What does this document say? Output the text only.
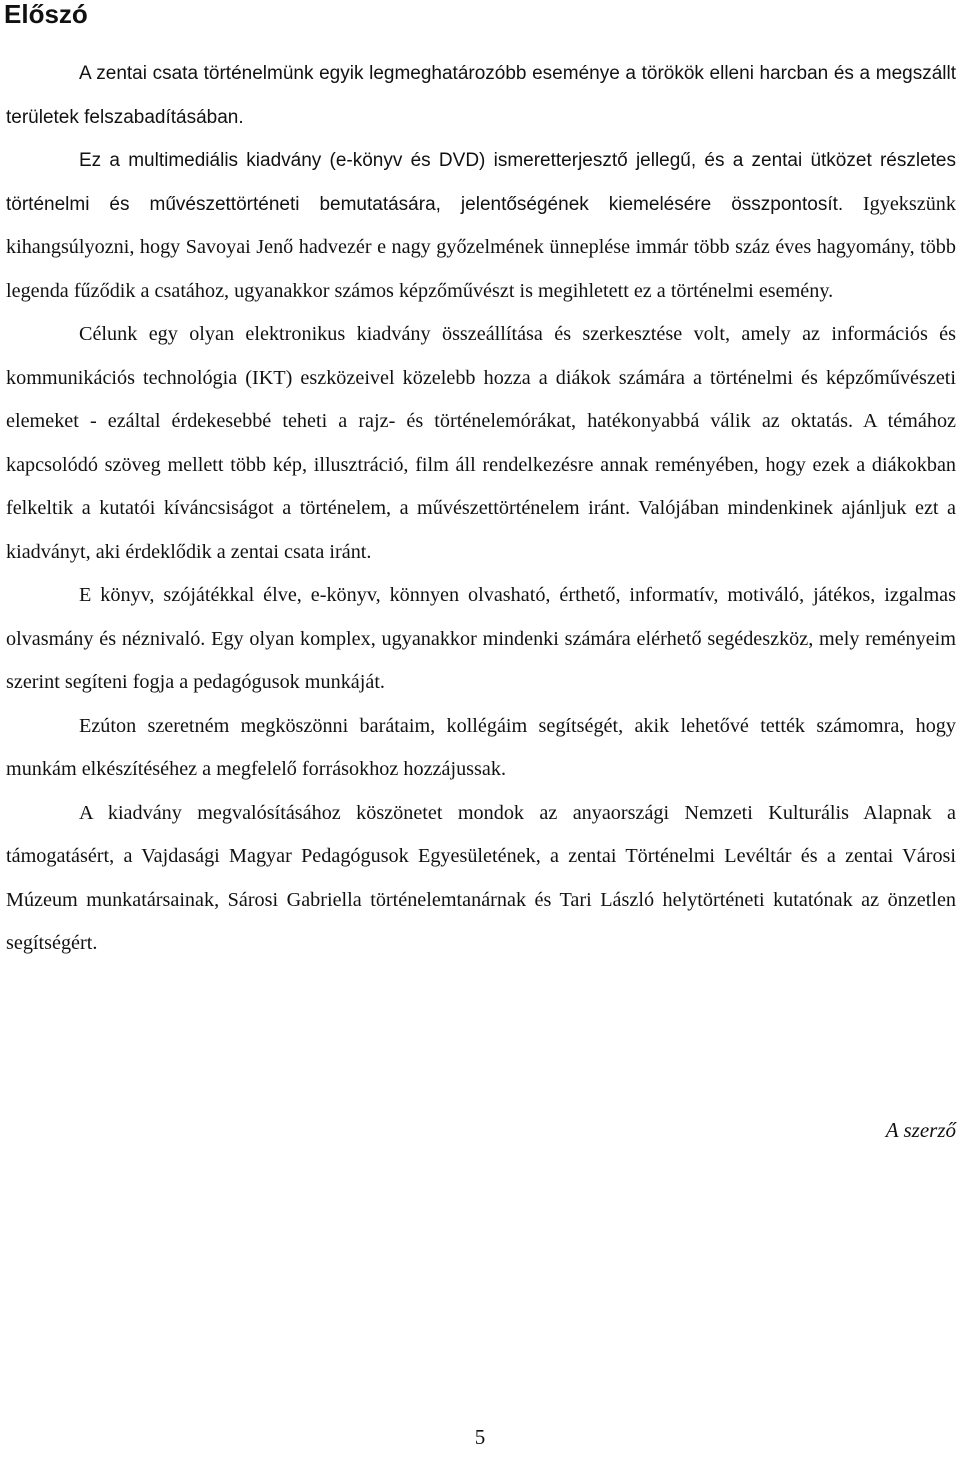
Előszó

A zentai csata történelmünk egyik legmeghatározóbb eseménye a törökök elleni harcban és a megszállt területek felszabadításában.

Ez a multimediális kiadvány (e-könyv és DVD) ismeretterjesztő jellegű, és a zentai ütközet részletes történelmi és művészettörténeti bemutatására, jelentőségének kiemelésére összpontosít. Igyekszünk kihangsúlyozni, hogy Savoyai Jenő hadvezér e nagy győzelmének ünneplése immár több száz éves hagyomány, több legenda fűződik a csatához, ugyanakkor számos képzőművészt is megihletett ez a történelmi esemény.

Célunk egy olyan elektronikus kiadvány összeállítása és szerkesztése volt, amely az információs és kommunikációs technológia (IKT) eszközeivel közelebb hozza a diákok számára a történelmi és képzőművészeti elemeket - ezáltal érdekesebbé teheti a rajz- és történelemórákat, hatékonyabbá válik az oktatás. A témához kapcsolódó szöveg mellett több kép, illusztráció, film áll rendelkezésre annak reményében, hogy ezek a diákokban felkeltik a kutatói kíváncsiságot a történelem, a művészettörténelem iránt. Valójában mindenkinek ajánljuk ezt a kiadványt, aki érdeklődik a zentai csata iránt.

E könyv, szójátékkal élve, e-könyv, könnyen olvasható, érthető, informatív, motiváló, játékos, izgalmas olvasmány és néznivaló. Egy olyan komplex, ugyanakkor mindenki számára elérhető segédeszköz, mely reményeim szerint segíteni fogja a pedagógusok munkáját.

Ezúton szeretném megköszönni barátaim, kollégáim segítségét, akik lehetővé tették számomra, hogy munkám elkészítéséhez a megfelelő forrásokhoz hozzájussak.

A kiadvány megvalósításához köszönetet mondok az anyaországi Nemzeti Kulturális Alapnak a támogatásért, a Vajdasági Magyar Pedagógusok Egyesületének, a zentai Történelmi Levéltár és a zentai Városi Múzeum munkatársainak, Sárosi Gabriella történelemtanárnak és Tari László helytörténeti kutatónak az önzetlen segítségért.

A szerző
5
